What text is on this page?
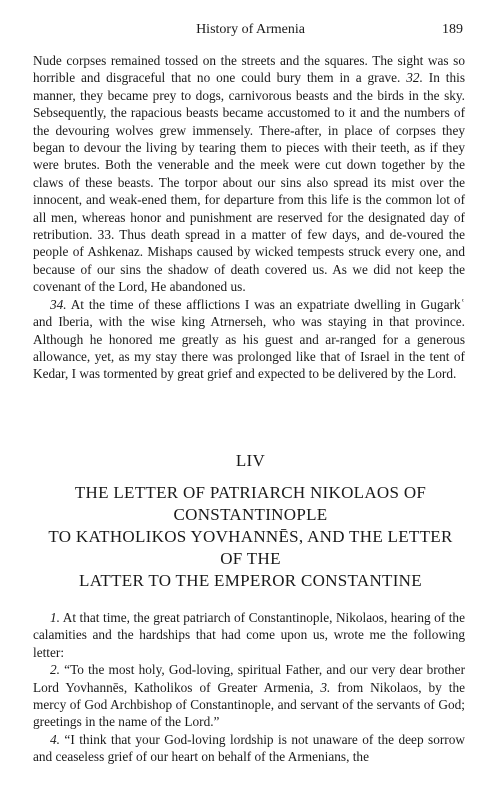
History of Armenia	189

Nude corpses remained tossed on the streets and the squares. The sight was so horrible and disgraceful that no one could bury them in a grave. 32. In this manner, they became prey to dogs, carnivorous beasts and the birds in the sky. Sebsequently, the rapacious beasts became accustomed to it and the numbers of the devouring wolves grew immensely. There-after, in place of corpses they began to devour the living by tearing them to pieces with their teeth, as if they were brutes. Both the venerable and the meek were cut down together by the claws of these beasts. The torpor about our sins also spread its mist over the innocent, and weak-ened them, for departure from this life is the common lot of all men, whereas honor and punishment are reserved for the designated day of retribution. 33. Thus death spread in a matter of few days, and de-voured the people of Ashkenaz. Mishaps caused by wicked tempests struck every one, and because of our sins the shadow of death covered us. As we did not keep the covenant of the Lord, He abandoned us.

34. At the time of these afflictions I was an expatriate dwelling in Gugarkʿ and Iberia, with the wise king Atrnerseh, who was staying in that province. Although he honored me greatly as his guest and ar-ranged for a generous allowance, yet, as my stay there was prolonged like that of Israel in the tent of Kedar, I was tormented by great grief and expected to be delivered by the Lord.

LIV

THE LETTER OF PATRIARCH NIKOLAOS OF

CONSTANTINOPLE

TO KATHOLIKOS YOVHANNĒS, AND THE LETTER

OF THE

LATTER TO THE EMPEROR CONSTANTINE

1. At that time, the great patriarch of Constantinople, Nikolaos, hearing of the calamities and the hardships that had come upon us, wrote me the following letter:

2. “To the most holy, God-loving, spiritual Father, and our very dear brother Lord Yovhannēs, Katholikos of Greater Armenia, 3. from Nikolaos, by the mercy of God Archbishop of Constantinople, and servant of the servants of God; greetings in the name of the Lord.”

4. “I think that your God-loving lordship is not unaware of the deep sorrow and ceaseless grief of our heart on behalf of the Armenians, the
